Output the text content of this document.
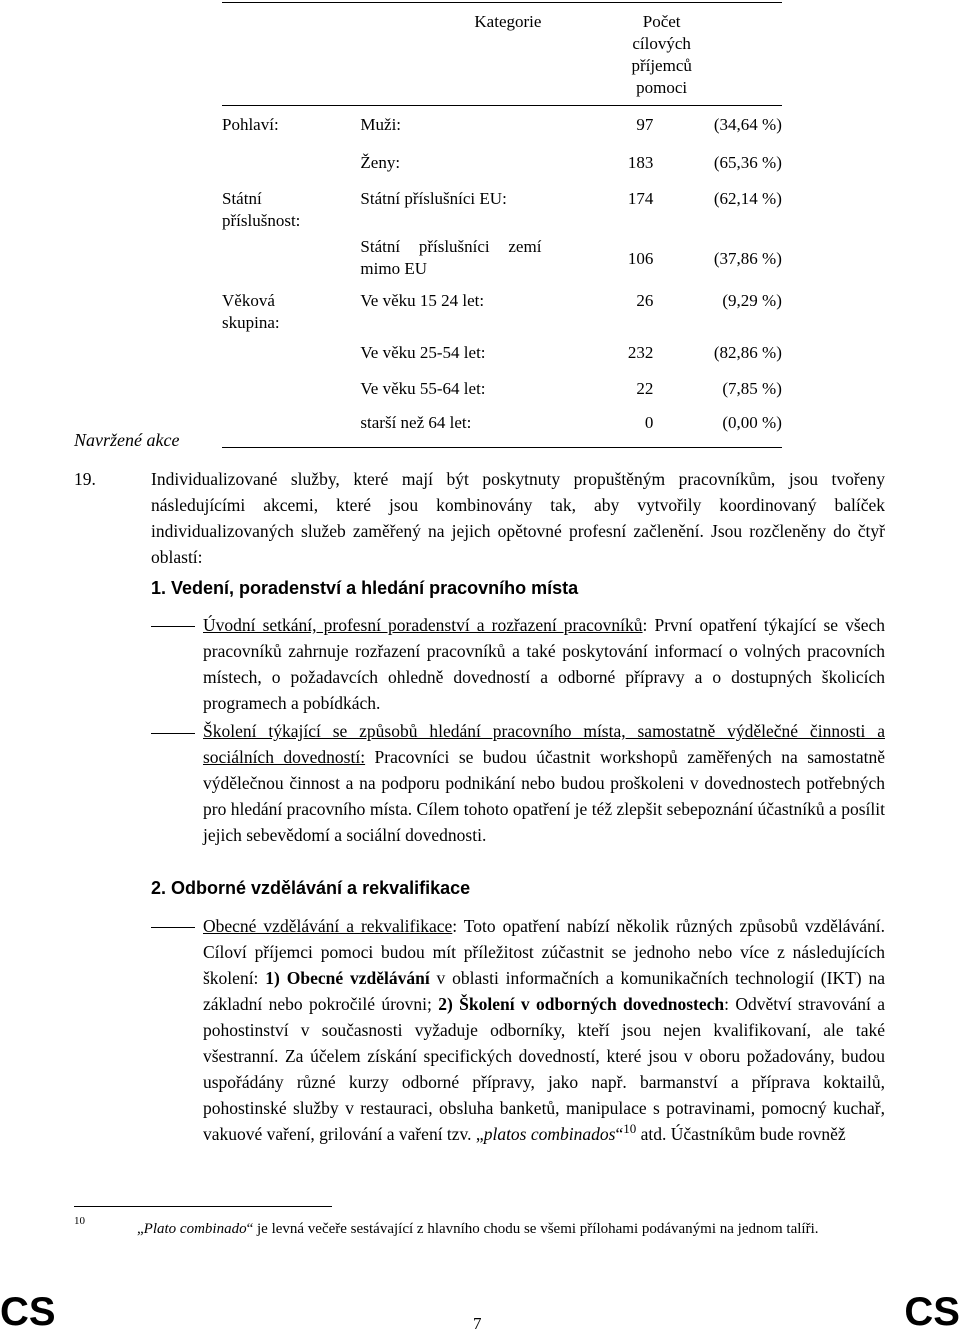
	Kategorie	Počet cílových příjemců pomoci	
Pohlaví:	Muži:	97	(34,64 %)
	Ženy:	183	(65,36 %)
Státní příslušnost:	Státní příslušníci EU:	174	(62,14 %)
	Státní příslušníci zemí mimo EU	106	(37,86 %)
Věková skupina:	Ve věku 15 24 let:	26	(9,29 %)
	Ve věku 25-54 let:	232	(82,86 %)
	Ve věku 55-64 let:	22	(7,85 %)
	starší než 64 let:	0	(0,00 %)
Navržené akce
19.	Individualizované služby, které mají být poskytnuty propuštěným pracovníkům, jsou tvořeny následujícími akcemi, které jsou kombinovány tak, aby vytvořily koordinovaný balíček individualizovaných služeb zaměřený na jejich opětovné profesní začlenění. Jsou rozčleněny do čtyř oblastí:
1. Vedení, poradenství a hledání pracovního místa
Úvodní setkání, profesní poradenství a rozřazení pracovníků: První opatření týkající se všech pracovníků zahrnuje rozřazení pracovníků a také poskytování informací o volných pracovních místech, o požadavcích ohledně dovedností a odborné přípravy a o dostupných školicích programech a pobídkách.
Školení týkající se způsobů hledání pracovního místa, samostatně výdělečné činnosti a sociálních dovedností: Pracovníci se budou účastnit workshopů zaměřených na samostatně výdělečnou činnost a na podporu podnikání nebo budou proškoleni v dovednostech potřebných pro hledání pracovního místa. Cílem tohoto opatření je též zlepšit sebepoznání účastníků a posílit jejich sebevědomí a sociální dovednosti.
2. Odborné vzdělávání a rekvalifikace
Obecné vzdělávání a rekvalifikace: Toto opatření nabízí několik různých způsobů vzdělávání. Cíloví příjemci pomoci budou mít příležitost zúčastnit se jednoho nebo více z následujících školení: 1) Obecné vzdělávání v oblasti informačních a komunikačních technologií (IKT) na základní nebo pokročilé úrovni; 2) Školení v odborných dovednostech: Odvětví stravování a pohostinství v současnosti vyžaduje odborníky, kteří jsou nejen kvalifikovaní, ale také všestranní. Za účelem získání specifických dovedností, které jsou v oboru požadovány, budou uspořádány různé kurzy odborné přípravy, jako např. barmanství a příprava koktailů, pohostinské služby v restauraci, obsluha banketů, manipulace s potravinami, pomocný kuchař, vakuové vaření, grilování a vaření tzv. „platos combinados“$^{10}$ atd. Účastníkům bude rovněž
10	„Plato combinado“ je levná večeře sestávající z hlavního chodu se všemi přílohami podávanými na jednom talíři.
CS	7	CS
